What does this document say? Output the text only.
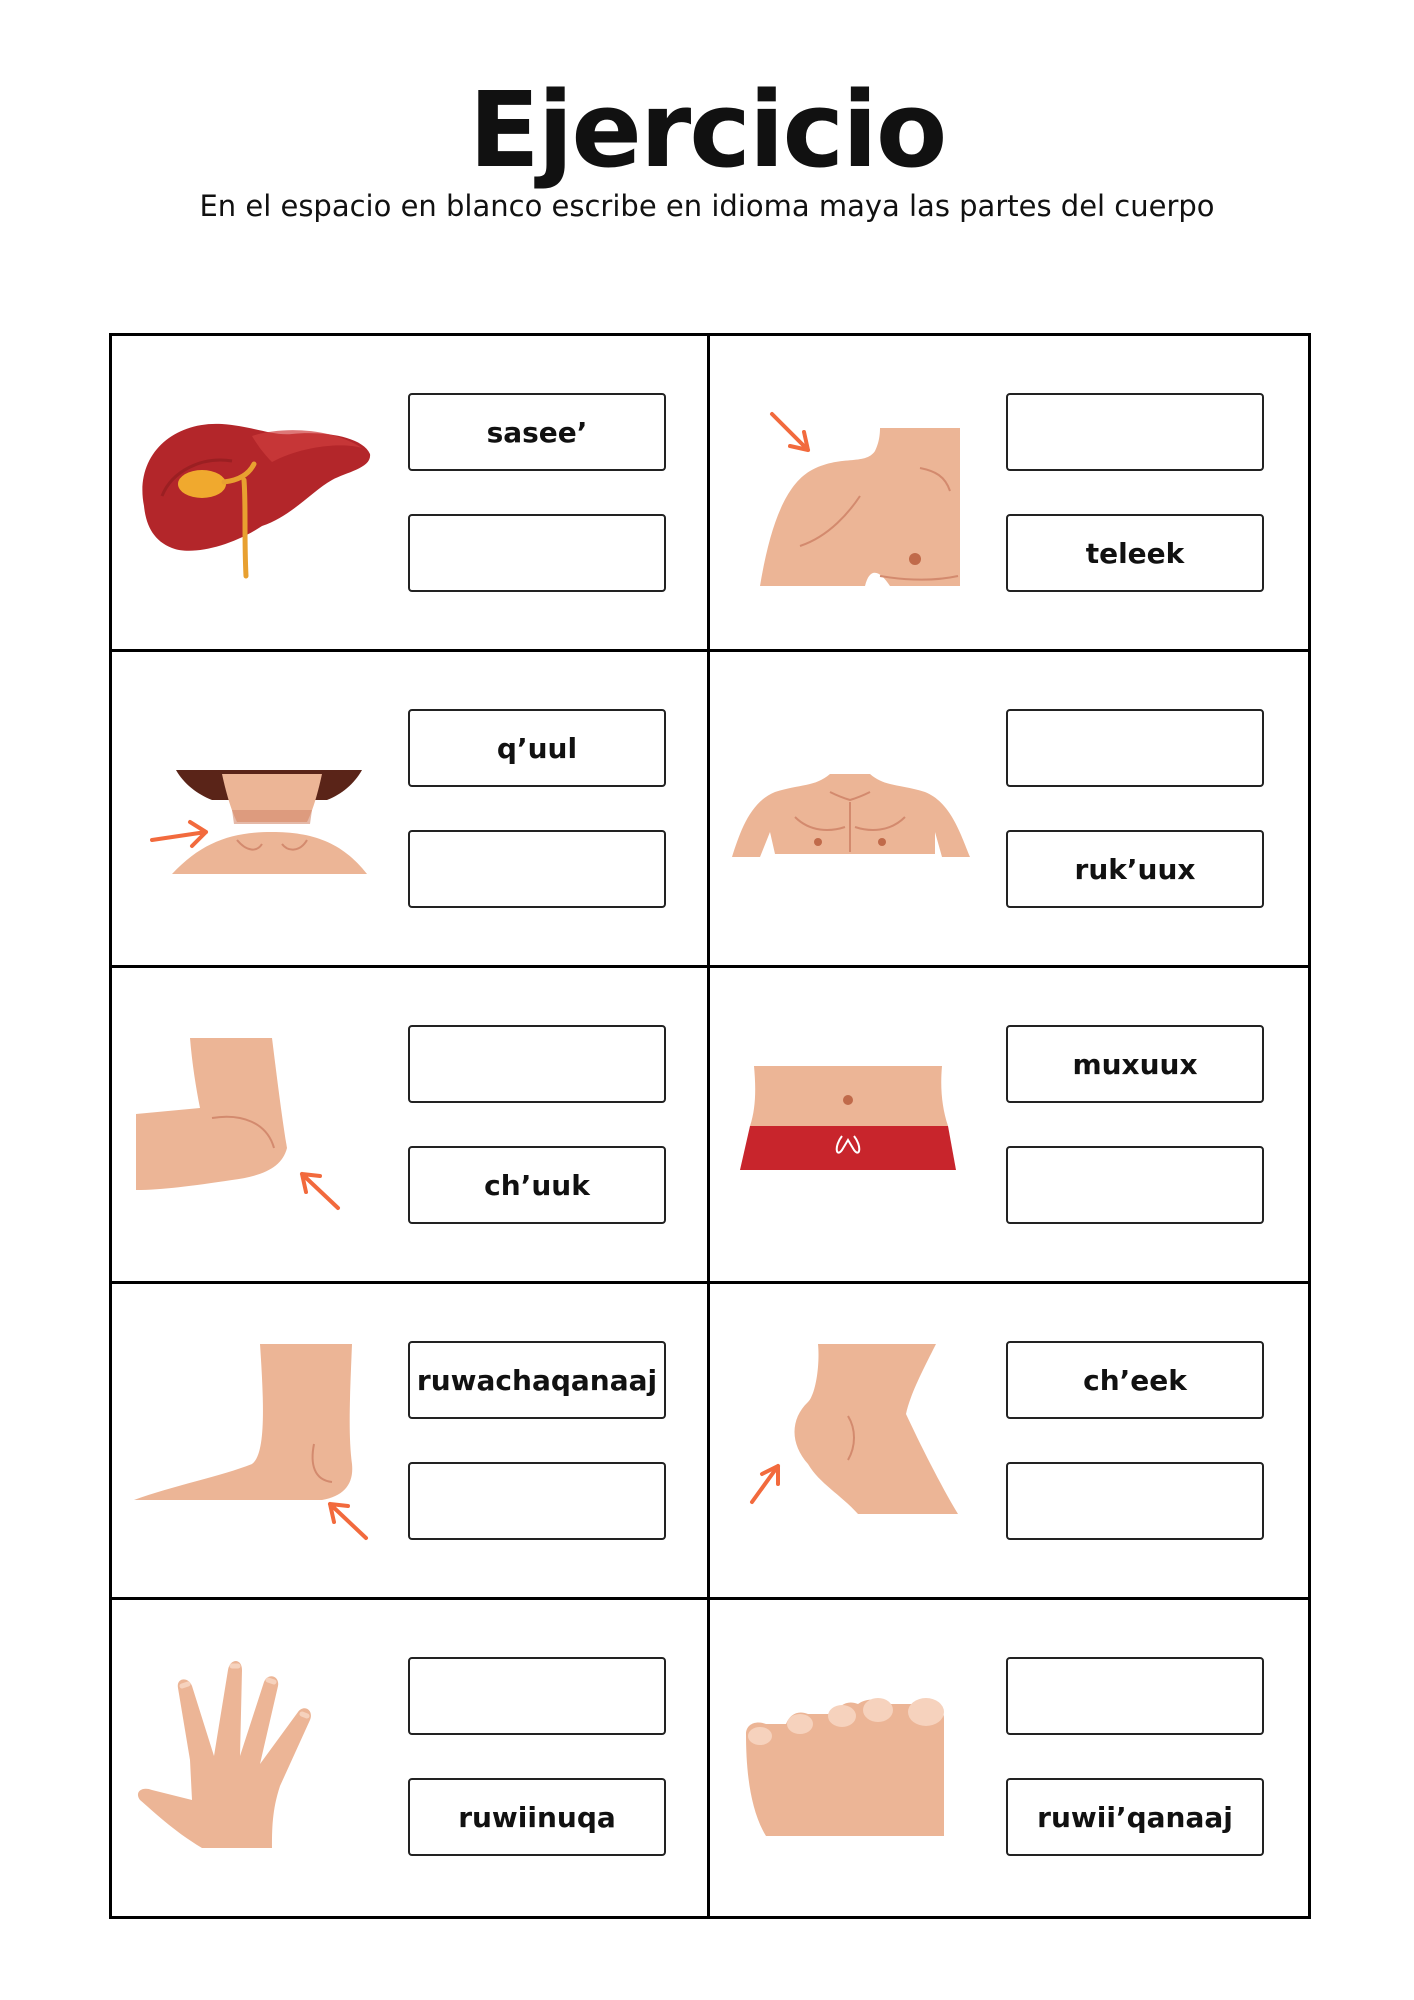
Ejercicio
En el espacio en blanco escribe en idioma maya las partes del cuerpo
sasee’
teleek
q’uul
ruk’uux
ch’uuk
muxuux
ruwachaqanaaj	ch’eek
ruwiinuqa	ruwii’qanaaj
